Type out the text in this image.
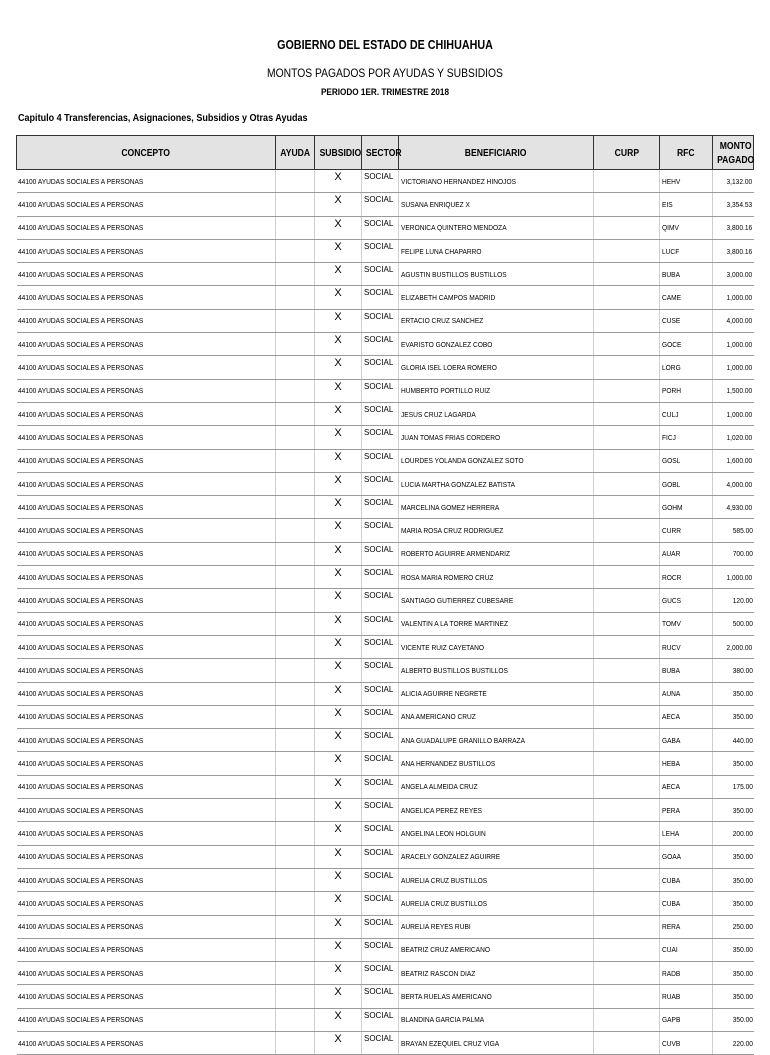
GOBIERNO DEL ESTADO DE CHIHUAHUA
MONTOS PAGADOS POR AYUDAS Y SUBSIDIOS
PERIODO 1ER. TRIMESTRE 2018
Capitulo 4 Transferencias, Asignaciones, Subsidios y Otras Ayudas
CONCEPTO	AYUDA	SUBSIDIO	SECTOR	BENEFICIARIO	CURP	RFC	MONTO
PAGADO
44100 AYUDAS SOCIALES A PERSONAS		X	SOCIAL	VICTORIANO HERNANDEZ HINOJOS		HEHV	3,132.00
44100 AYUDAS SOCIALES A PERSONAS		X	SOCIAL	SUSANA ENRIQUEZ X		EIS	3,354.53
44100 AYUDAS SOCIALES A PERSONAS		X	SOCIAL	VERONICA QUINTERO MENDOZA		QIMV	3,800.16
44100 AYUDAS SOCIALES A PERSONAS		X	SOCIAL	FELIPE LUNA CHAPARRO		LUCF	3,800.16
44100 AYUDAS SOCIALES A PERSONAS		X	SOCIAL	AGUSTIN BUSTILLOS BUSTILLOS		BUBA	3,000.00
44100 AYUDAS SOCIALES A PERSONAS		X	SOCIAL	ELIZABETH CAMPOS MADRID		CAME	1,000.00
44100 AYUDAS SOCIALES A PERSONAS		X	SOCIAL	ERTACIO CRUZ SANCHEZ		CUSE	4,000.00
44100 AYUDAS SOCIALES A PERSONAS		X	SOCIAL	EVARISTO GONZALEZ COBO		GOCE	1,000.00
44100 AYUDAS SOCIALES A PERSONAS		X	SOCIAL	GLORIA ISEL LOERA ROMERO		LORG	1,000.00
44100 AYUDAS SOCIALES A PERSONAS		X	SOCIAL	HUMBERTO PORTILLO RUIZ		PORH	1,500.00
44100 AYUDAS SOCIALES A PERSONAS		X	SOCIAL	JESUS CRUZ LAGARDA		CULJ	1,000.00
44100 AYUDAS SOCIALES A PERSONAS		X	SOCIAL	JUAN TOMAS FRIAS CORDERO		FICJ	1,020.00
44100 AYUDAS SOCIALES A PERSONAS		X	SOCIAL	LOURDES YOLANDA GONZALEZ SOTO		GOSL	1,600.00
44100 AYUDAS SOCIALES A PERSONAS		X	SOCIAL	LUCIA MARTHA GONZALEZ BATISTA		GOBL	4,000.00
44100 AYUDAS SOCIALES A PERSONAS		X	SOCIAL	MARCELINA GOMEZ HERRERA		GOHM	4,930.00
44100 AYUDAS SOCIALES A PERSONAS		X	SOCIAL	MARIA ROSA CRUZ RODRIGUEZ		CURR	585.00
44100 AYUDAS SOCIALES A PERSONAS		X	SOCIAL	ROBERTO AGUIRRE ARMENDARIZ		AUAR	700.00
44100 AYUDAS SOCIALES A PERSONAS		X	SOCIAL	ROSA MARIA ROMERO CRUZ		ROCR	1,000.00
44100 AYUDAS SOCIALES A PERSONAS		X	SOCIAL	SANTIAGO GUTIERREZ CUBESARE		GUCS	120.00
44100 AYUDAS SOCIALES A PERSONAS		X	SOCIAL	VALENTIN A LA TORRE MARTINEZ		TOMV	500.00
44100 AYUDAS SOCIALES A PERSONAS		X	SOCIAL	VICENTE RUIZ CAYETANO		RUCV	2,000.00
44100 AYUDAS SOCIALES A PERSONAS		X	SOCIAL	ALBERTO BUSTILLOS BUSTILLOS		BUBA	380.00
44100 AYUDAS SOCIALES A PERSONAS		X	SOCIAL	ALICIA AGUIRRE NEGRETE		AUNA	350.00
44100 AYUDAS SOCIALES A PERSONAS		X	SOCIAL	ANA AMERICANO CRUZ		AECA	350.00
44100 AYUDAS SOCIALES A PERSONAS		X	SOCIAL	ANA GUADALUPE GRANILLO BARRAZA		GABA	440.00
44100 AYUDAS SOCIALES A PERSONAS		X	SOCIAL	ANA HERNANDEZ BUSTILLOS		HEBA	350.00
44100 AYUDAS SOCIALES A PERSONAS		X	SOCIAL	ANGELA ALMEIDA CRUZ		AECA	175.00
44100 AYUDAS SOCIALES A PERSONAS		X	SOCIAL	ANGELICA PEREZ REYES		PERA	350.00
44100 AYUDAS SOCIALES A PERSONAS		X	SOCIAL	ANGELINA LEON HOLGUIN		LEHA	200.00
44100 AYUDAS SOCIALES A PERSONAS		X	SOCIAL	ARACELY GONZALEZ AGUIRRE		GOAA	350.00
44100 AYUDAS SOCIALES A PERSONAS		X	SOCIAL	AURELIA CRUZ BUSTILLOS		CUBA	350.00
44100 AYUDAS SOCIALES A PERSONAS		X	SOCIAL	AURELIA CRUZ BUSTILLOS		CUBA	350.00
44100 AYUDAS SOCIALES A PERSONAS		X	SOCIAL	AURELIA REYES RUBI		RERA	250.00
44100 AYUDAS SOCIALES A PERSONAS		X	SOCIAL	BEATRIZ CRUZ AMERICANO		CUAI	350.00
44100 AYUDAS SOCIALES A PERSONAS		X	SOCIAL	BEATRIZ RASCON DIAZ		RADB	350.00
44100 AYUDAS SOCIALES A PERSONAS		X	SOCIAL	BERTA RUELAS AMERICANO		RUAB	350.00
44100 AYUDAS SOCIALES A PERSONAS		X	SOCIAL	BLANDINA GARCIA PALMA		GAPB	350.00
44100 AYUDAS SOCIALES A PERSONAS		X	SOCIAL	BRAYAN EZEQUIEL CRUZ VIGA		CUVB	220.00
